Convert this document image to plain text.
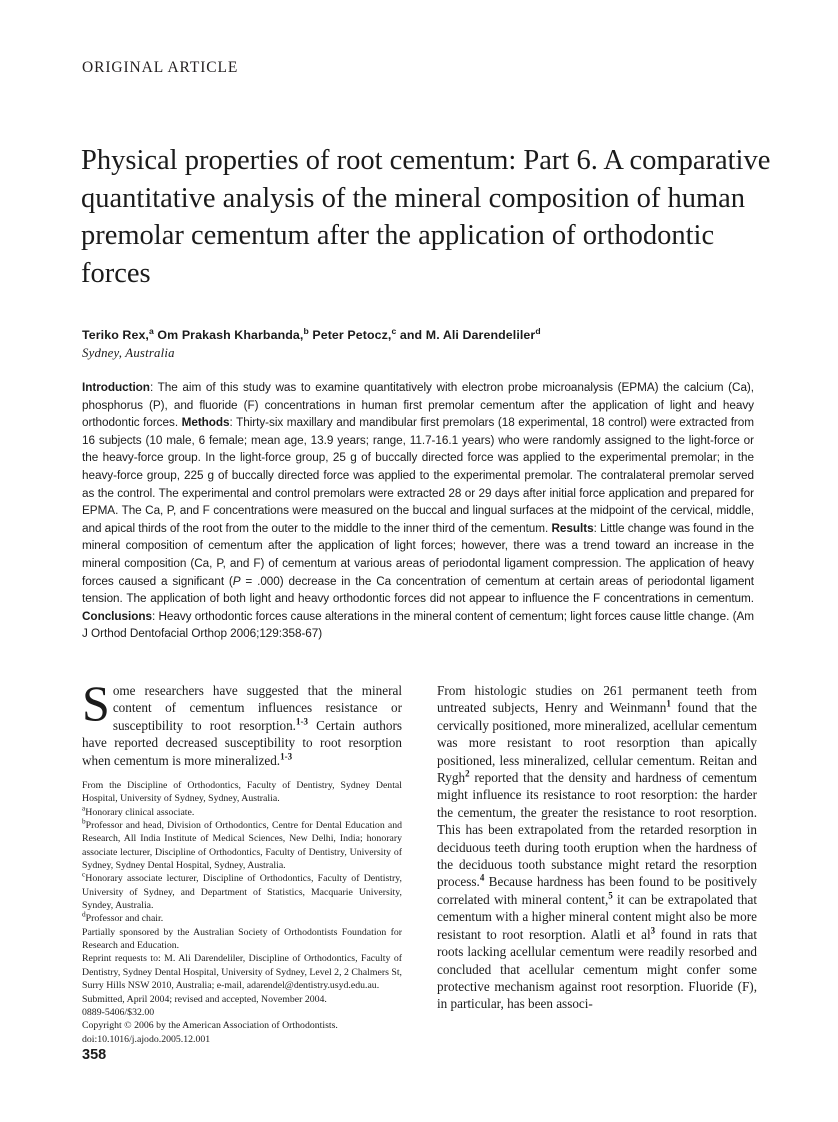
ORIGINAL ARTICLE
Physical properties of root cementum: Part 6. A comparative quantitative analysis of the mineral composition of human premolar cementum after the application of orthodontic forces
Teriko Rex,$^a$ Om Prakash Kharbanda,$^b$ Peter Petocz,$^c$ and M. Ali Darendeliler$^d$
Sydney, Australia
Introduction: The aim of this study was to examine quantitatively with electron probe microanalysis (EPMA) the calcium (Ca), phosphorus (P), and fluoride (F) concentrations in human first premolar cementum after the application of light and heavy orthodontic forces. Methods: Thirty-six maxillary and mandibular first premolars (18 experimental, 18 control) were extracted from 16 subjects (10 male, 6 female; mean age, 13.9 years; range, 11.7-16.1 years) who were randomly assigned to the light-force or the heavy-force group. In the light-force group, 25 g of buccally directed force was applied to the experimental premolar; in the heavy-force group, 225 g of buccally directed force was applied to the experimental premolar. The contralateral premolar served as the control. The experimental and control premolars were extracted 28 or 29 days after initial force application and prepared for EPMA. The Ca, P, and F concentrations were measured on the buccal and lingual surfaces at the midpoint of the cervical, middle, and apical thirds of the root from the outer to the middle to the inner third of the cementum. Results: Little change was found in the mineral composition of cementum after the application of light forces; however, there was a trend toward an increase in the mineral composition (Ca, P, and F) of cementum at various areas of periodontal ligament compression. The application of heavy forces caused a significant (P = .000) decrease in the Ca concentration of cementum at certain areas of periodontal ligament tension. The application of both light and heavy orthodontic forces did not appear to influence the F concentrations in cementum. Conclusions: Heavy orthodontic forces cause alterations in the mineral content of cementum; light forces cause little change. (Am J Orthod Dentofacial Orthop 2006;129:358-67)

Some researchers have suggested that the mineral content of cementum influences resistance or susceptibility to root resorption.$^{1-3}$ Certain authors have reported decreased susceptibility to root resorption when cementum is more mineralized.$^{1-3}$

From the Discipline of Orthodontics, Faculty of Dentistry, Sydney Dental Hospital, University of Sydney, Sydney, Australia.

$^a$Honorary clinical associate.

$^b$Professor and head, Division of Orthodontics, Centre for Dental Education and Research, All India Institute of Medical Sciences, New Delhi, India; honorary associate lecturer, Discipline of Orthodontics, Faculty of Dentistry, University of Sydney, Sydney Dental Hospital, Sydney, Australia.

$^c$Honorary associate lecturer, Discipline of Orthodontics, Faculty of Dentistry, University of Sydney, and Department of Statistics, Macquarie University, Syndey, Australia.

$^d$Professor and chair.

Partially sponsored by the Australian Society of Orthodontists Foundation for Research and Education.

Reprint requests to: M. Ali Darendeliler, Discipline of Orthodontics, Faculty of Dentistry, Sydney Dental Hospital, University of Sydney, Level 2, 2 Chalmers St, Surry Hills NSW 2010, Australia; e-mail, adarendel@dentistry.usyd.edu.au.

Submitted, April 2004; revised and accepted, November 2004.

0889-5406/$32.00

Copyright © 2006 by the American Association of Orthodontists.

doi:10.1016/j.ajodo.2005.12.001

From histologic studies on 261 permanent teeth from untreated subjects, Henry and Weinmann$^1$ found that the cervically positioned, more mineralized, acellular cementum was more resistant to root resorption than apically positioned, less mineralized, cellular cementum. Reitan and Rygh$^2$ reported that the density and hardness of cementum might influence its resistance to root resorption: the harder the cementum, the greater the resistance to root resorption. This has been extrapolated from the retarded resorption in deciduous teeth during tooth eruption when the hardness of the deciduous tooth substance might retard the resorption process.$^4$ Because hardness has been found to be positively correlated with mineral content,$^5$ it can be extrapolated that cementum with a higher mineral content might also be more resistant to root resorption. Alatli et $al^3$ found in rats that roots lacking acellular cementum were readily resorbed and concluded that acellular cementum might confer some protective mechanism against root resorption. Fluoride (F), in particular, has been associ-

358
